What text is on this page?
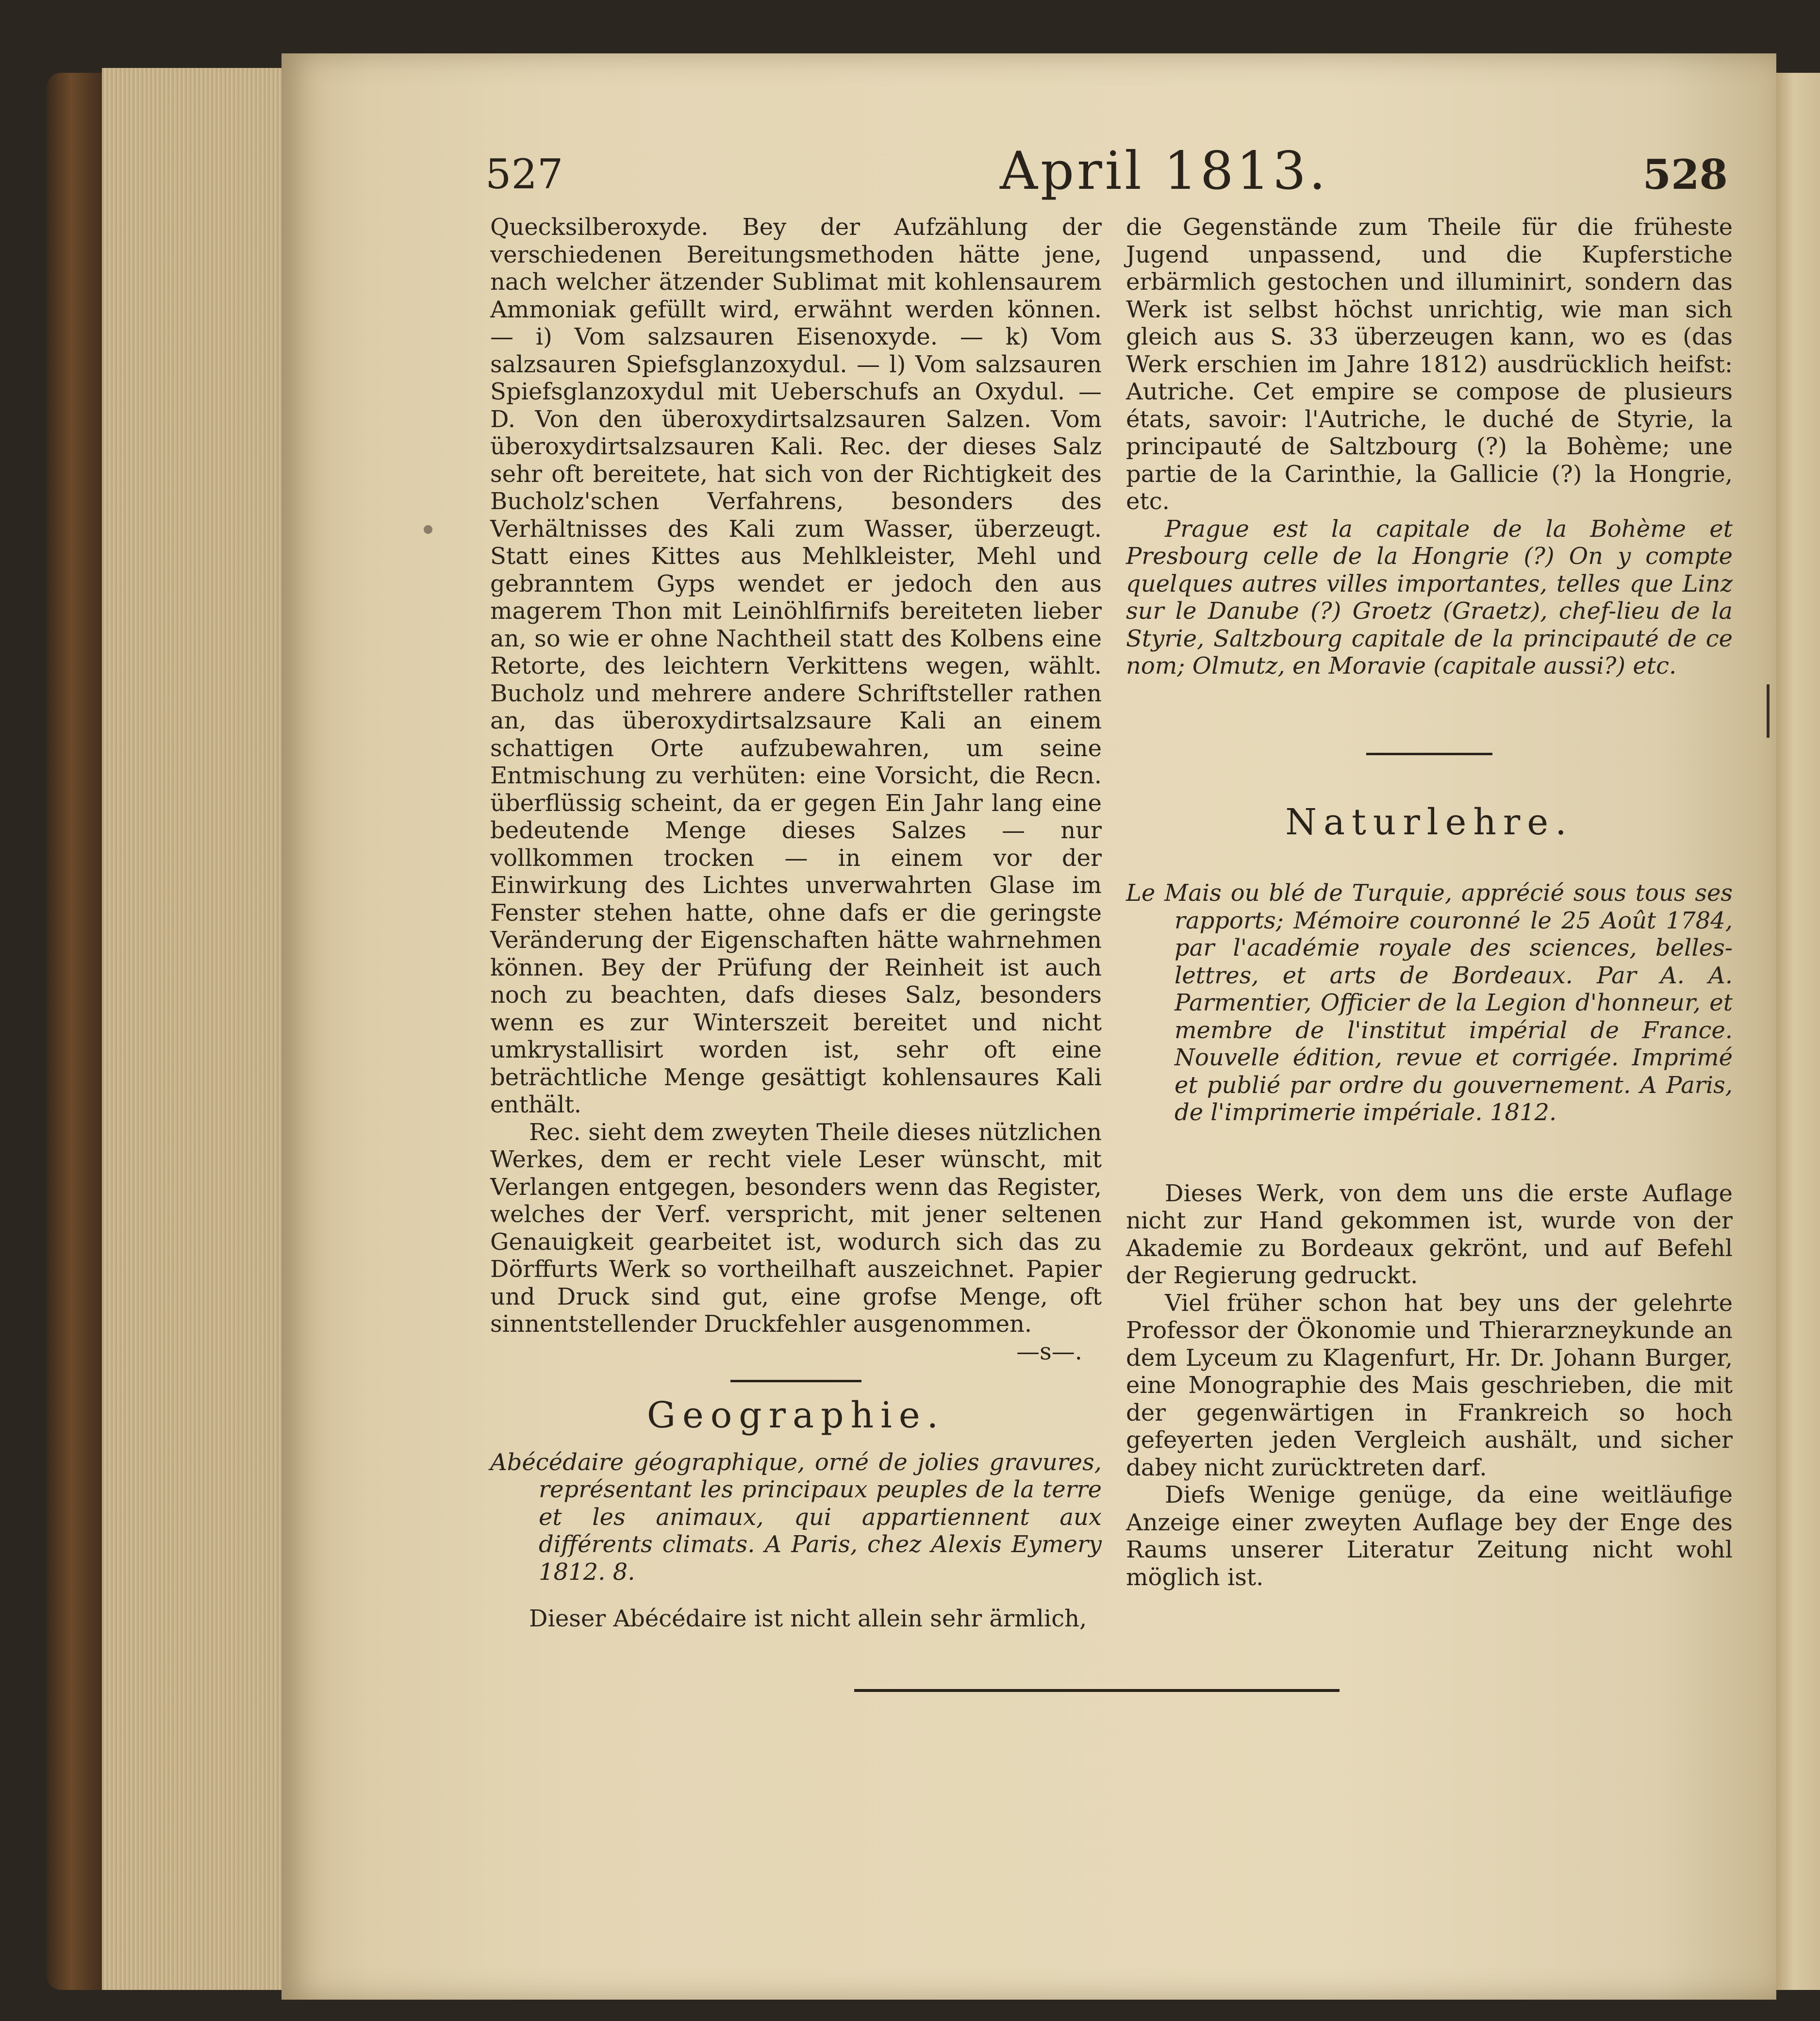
527	April 1813.	528

Quecksilberoxyde. Bey der Aufzählung der verschiedenen Bereitungsmethoden hätte jene, nach welcher ätzender Sublimat mit kohlensaurem Ammoniak gefüllt wird, erwähnt werden können. — i) Vom salzsauren Eisenoxyde. — k) Vom salzsauren Spiefsglanzoxydul. — l) Vom salzsauren Spiefsglanzoxydul mit Ueberschufs an Oxydul. — D. Von den überoxydirtsalzsauren Salzen. Vom überoxydirtsalzsauren Kali. Rec. der dieses Salz sehr oft bereitete, hat sich von der Richtigkeit des Bucholz'schen Verfahrens, besonders des Verhältnisses des Kali zum Wasser, überzeugt. Statt eines Kittes aus Mehlkleister, Mehl und gebranntem Gyps wendet er jedoch den aus magerem Thon mit Leinöhlfirnifs bereiteten lieber an, so wie er ohne Nachtheil statt des Kolbens eine Retorte, des leichtern Verkittens wegen, wählt. Bucholz und mehrere andere Schriftsteller rathen an, das überoxydirtsalzsaure Kali an einem schattigen Orte aufzubewahren, um seine Entmischung zu verhüten: eine Vorsicht, die Recn. überflüssig scheint, da er gegen Ein Jahr lang eine bedeutende Menge dieses Salzes — nur vollkommen trocken — in einem vor der Einwirkung des Lichtes unverwahrten Glase im Fenster stehen hatte, ohne dafs er die geringste Veränderung der Eigenschaften hätte wahrnehmen können. Bey der Prüfung der Reinheit ist auch noch zu beachten, dafs dieses Salz, besonders wenn es zur Winterszeit bereitet und nicht umkrystallisirt worden ist, sehr oft eine beträchtliche Menge gesättigt kohlensaures Kali enthält.

Rec. sieht dem zweyten Theile dieses nützlichen Werkes, dem er recht viele Leser wünscht, mit Verlangen entgegen, besonders wenn das Register, welches der Verf. verspricht, mit jener seltenen Genauigkeit gearbeitet ist, wodurch sich das zu Dörffurts Werk so vortheilhaft auszeichnet. Papier und Druck sind gut, eine grofse Menge, oft sinnentstellender Druckfehler ausgenommen.

—s—.

Geographie.

Abécédaire géographique, orné de jolies gravures, représentant les principaux peuples de la terre et les animaux, qui appartiennent aux différents climats. A Paris, chez Alexis Eymery 1812. 8.

Dieser Abécédaire ist nicht allein sehr ärmlich,

die Gegenstände zum Theile für die früheste Jugend unpassend, und die Kupferstiche erbärmlich gestochen und illuminirt, sondern das Werk ist selbst höchst unrichtig, wie man sich gleich aus S. 33 überzeugen kann, wo es (das Werk erschien im Jahre 1812) ausdrücklich heifst: Autriche. Cet empire se compose de plusieurs états, savoir: l'Autriche, le duché de Styrie, la principauté de Saltzbourg (?) la Bohème; une partie de la Carinthie, la Gallicie (?) la Hongrie, etc.

Prague est la capitale de la Bohème et Presbourg celle de la Hongrie (?) On y compte quelques autres villes importantes, telles que Linz sur le Danube (?) Groetz (Graetz), chef-lieu de la Styrie, Saltzbourg capitale de la principauté de ce nom; Olmutz, en Moravie (capitale aussi?) etc.

Naturlehre.

Le Mais ou blé de Turquie, apprécié sous tous ses rapports; Mémoire couronné le 25 Août 1784, par l'académie royale des sciences, belles-lettres, et arts de Bordeaux. Par A. A. Parmentier, Officier de la Legion d'honneur, et membre de l'institut impérial de France. Nouvelle édition, revue et corrigée. Imprimé et publié par ordre du gouvernement. A Paris, de l'imprimerie impériale. 1812.

Dieses Werk, von dem uns die erste Auflage nicht zur Hand gekommen ist, wurde von der Akademie zu Bordeaux gekrönt, und auf Befehl der Regierung gedruckt.

Viel früher schon hat bey uns der gelehrte Professor der Ökonomie und Thierarzneykunde an dem Lyceum zu Klagenfurt, Hr. Dr. Johann Burger, eine Monographie des Mais geschrieben, die mit der gegenwärtigen in Frankreich so hoch gefeyerten jeden Vergleich aushält, und sicher dabey nicht zurücktreten darf.

Diefs Wenige genüge, da eine weitläufige Anzeige einer zweyten Auflage bey der Enge des Raums unserer Literatur Zeitung nicht wohl möglich ist.
